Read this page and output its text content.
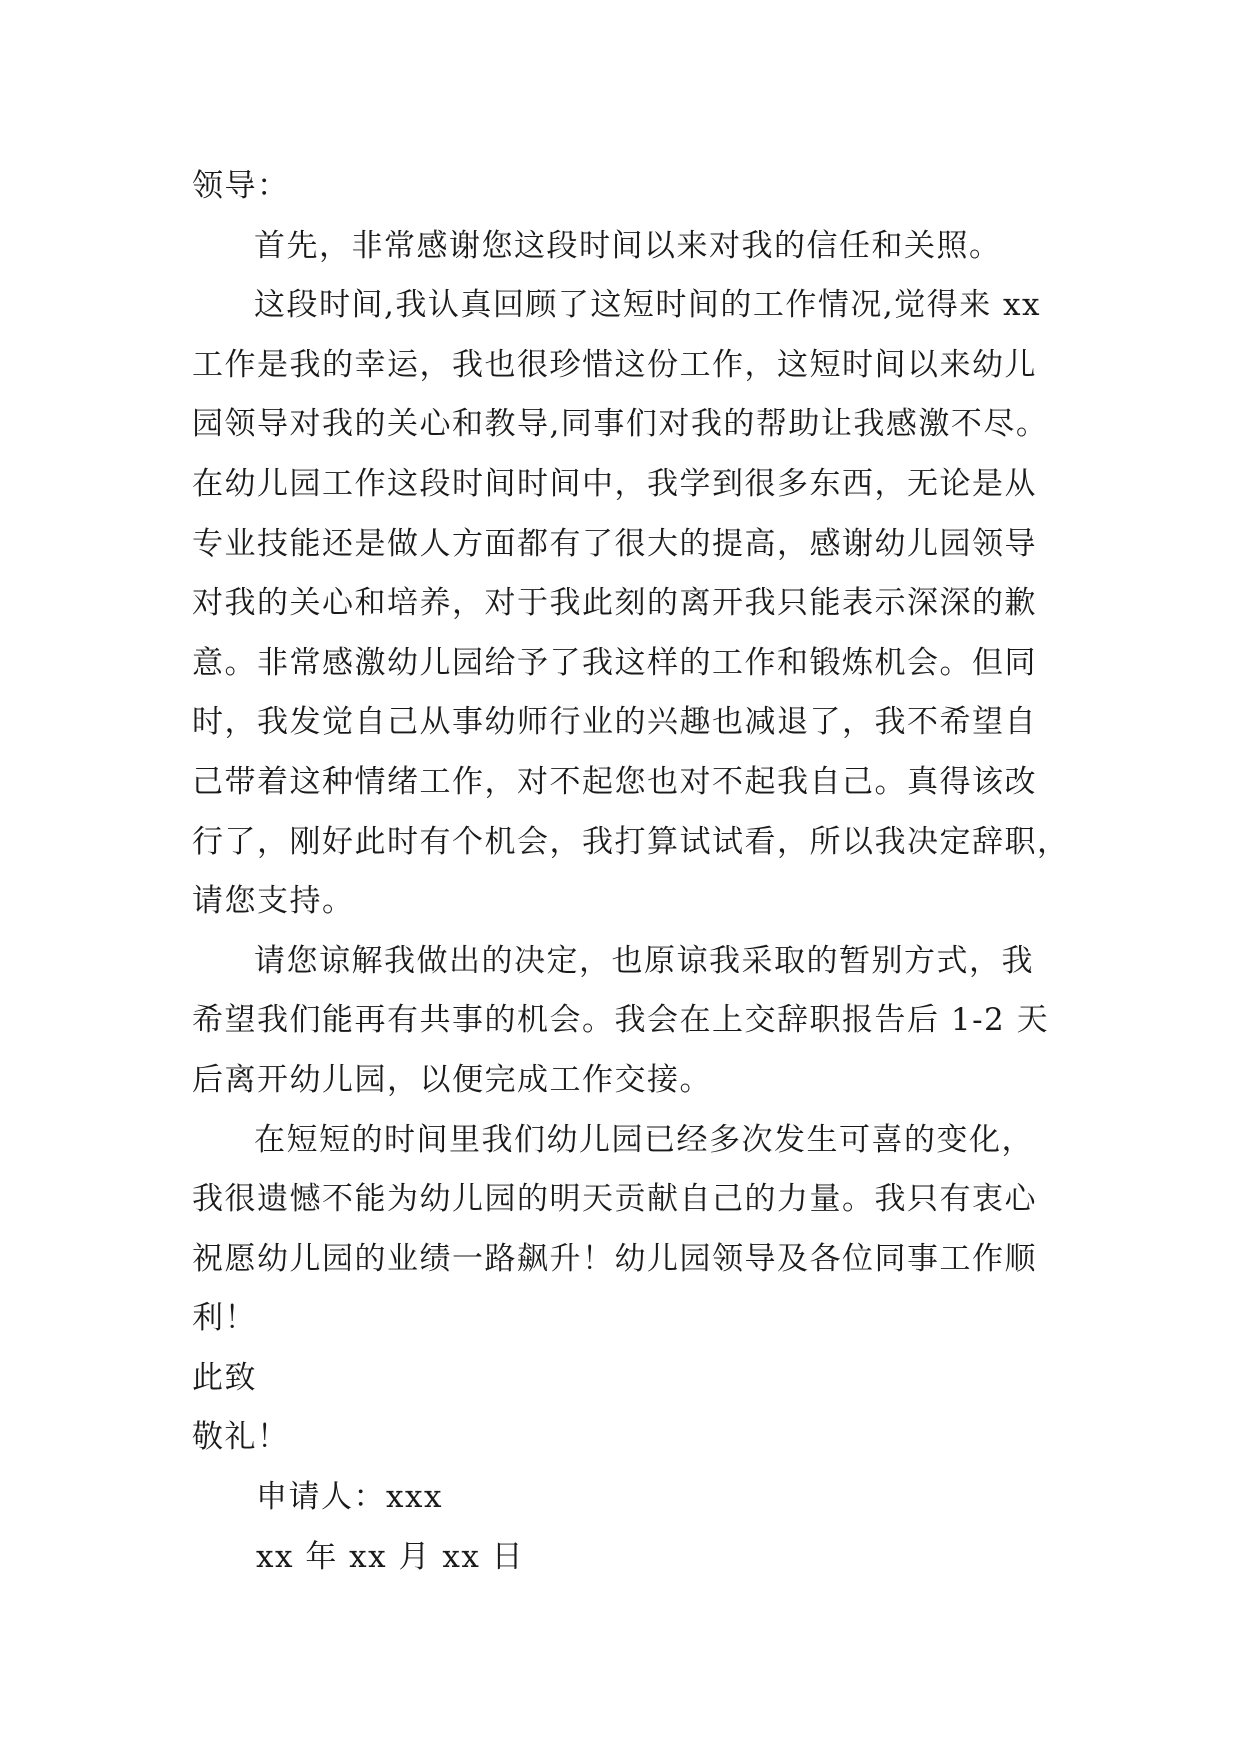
领导：
首先，非常感谢您这段时间以来对我的信任和关照。
这段时间,我认真回顾了这短时间的工作情况,觉得来 xx
工作是我的幸运，我也很珍惜这份工作，这短时间以来幼儿
园领导对我的关心和教导,同事们对我的帮助让我感激不尽。
在幼儿园工作这段时间时间中，我学到很多东西，无论是从
专业技能还是做人方面都有了很大的提高，感谢幼儿园领导
对我的关心和培养，对于我此刻的离开我只能表示深深的歉
意。非常感激幼儿园给予了我这样的工作和锻炼机会。但同
时，我发觉自己从事幼师行业的兴趣也减退了，我不希望自
己带着这种情绪工作，对不起您也对不起我自己。真得该改
行了，刚好此时有个机会，我打算试试看，所以我决定辞职，
请您支持。
请您谅解我做出的决定，也原谅我采取的暂别方式，我
希望我们能再有共事的机会。我会在上交辞职报告后 1-2 天
后离开幼儿园，以便完成工作交接。
在短短的时间里我们幼儿园已经多次发生可喜的变化，
我很遗憾不能为幼儿园的明天贡献自己的力量。我只有衷心
祝愿幼儿园的业绩一路飙升！幼儿园领导及各位同事工作顺
利！
此致
敬礼！
申请人：xxx
xx 年 xx 月 xx 日
